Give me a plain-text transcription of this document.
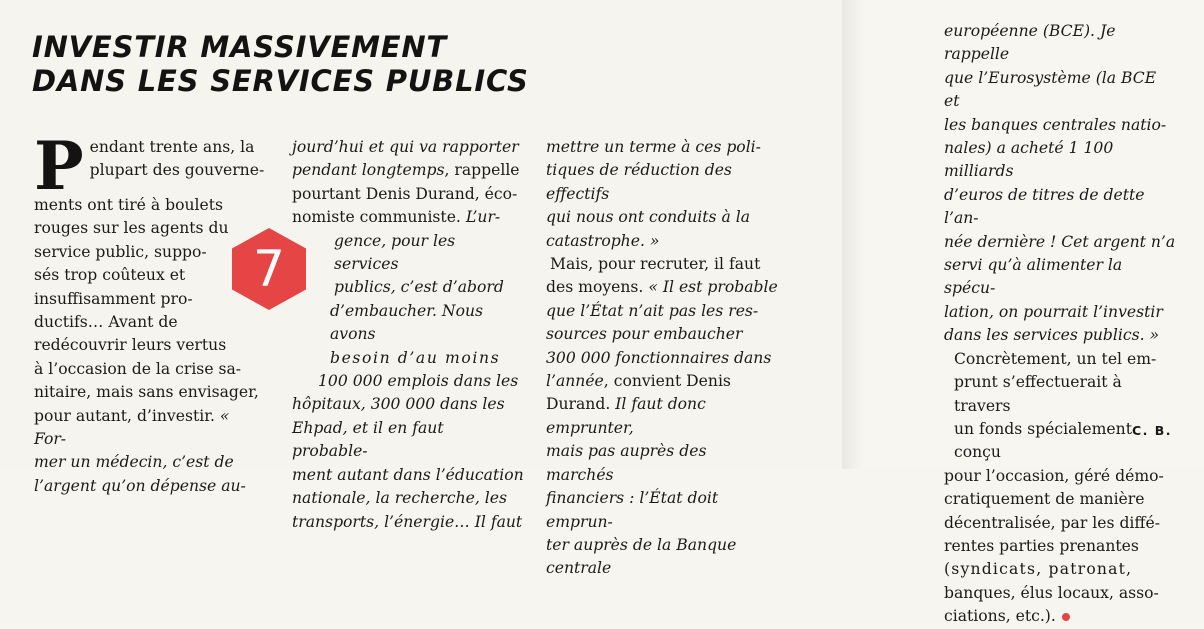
INVESTIR MASSIVEMENT
DANS LES SERVICES PUBLICS
P endant trente ans, la
plupart des gouverne-
ments ont tiré à boulets
rouges sur les agents du
service public, suppo-
sés trop coûteux et
insuffisamment pro-
ductifs… Avant de
redécouvrir leurs vertus
à l’occasion de la crise sa-
nitaire, mais sans envisager,
pour autant, d’investir. « For-
mer un médecin, c’est de
l’argent qu’on dépense au-
jourd’hui et qui va rapporter
pendant longtemps, rappelle
pourtant Denis Durand, éco-
nomiste communiste. L’ur-
gence, pour les services
publics, c’est d’abord
d’embaucher. Nous avons
besoin d’au moins
100 000 emplois dans les
hôpitaux, 300 000 dans les
Ehpad, et il en faut probable-
ment autant dans l’éducation
nationale, la recherche, les
transports, l’énergie… Il faut
mettre un terme à ces poli-
tiques de réduction des effectifs
qui nous ont conduits à la
catastrophe. »
Mais, pour recruter, il faut
des moyens. « Il est probable
que l’État n’ait pas les res-
sources pour embaucher
300 000 fonctionnaires dans
l’année, convient Denis
Durand. Il faut donc emprunter,
mais pas auprès des marchés
financiers : l’État doit emprun-
ter auprès de la Banque centrale
européenne (BCE). Je rappelle
que l’Eurosystème (la BCE et
les banques centrales natio-
nales) a acheté 1 100 milliards
d’euros de titres de dette l’an-
née dernière ! Cet argent n’a
servi qu’à alimenter la spécu-
lation, on pourrait l’investir
dans les services publics. »
Concrètement, un tel em-
prunt s’effectuerait à travers
un fonds spécialement conçu
pour l’occasion, géré démo-
cratiquement de manière
décentralisée, par les diffé-
rentes parties prenantes
(syndicats, patronat,
banques, élus locaux, asso-
ciations, etc.).
C. B.
7
